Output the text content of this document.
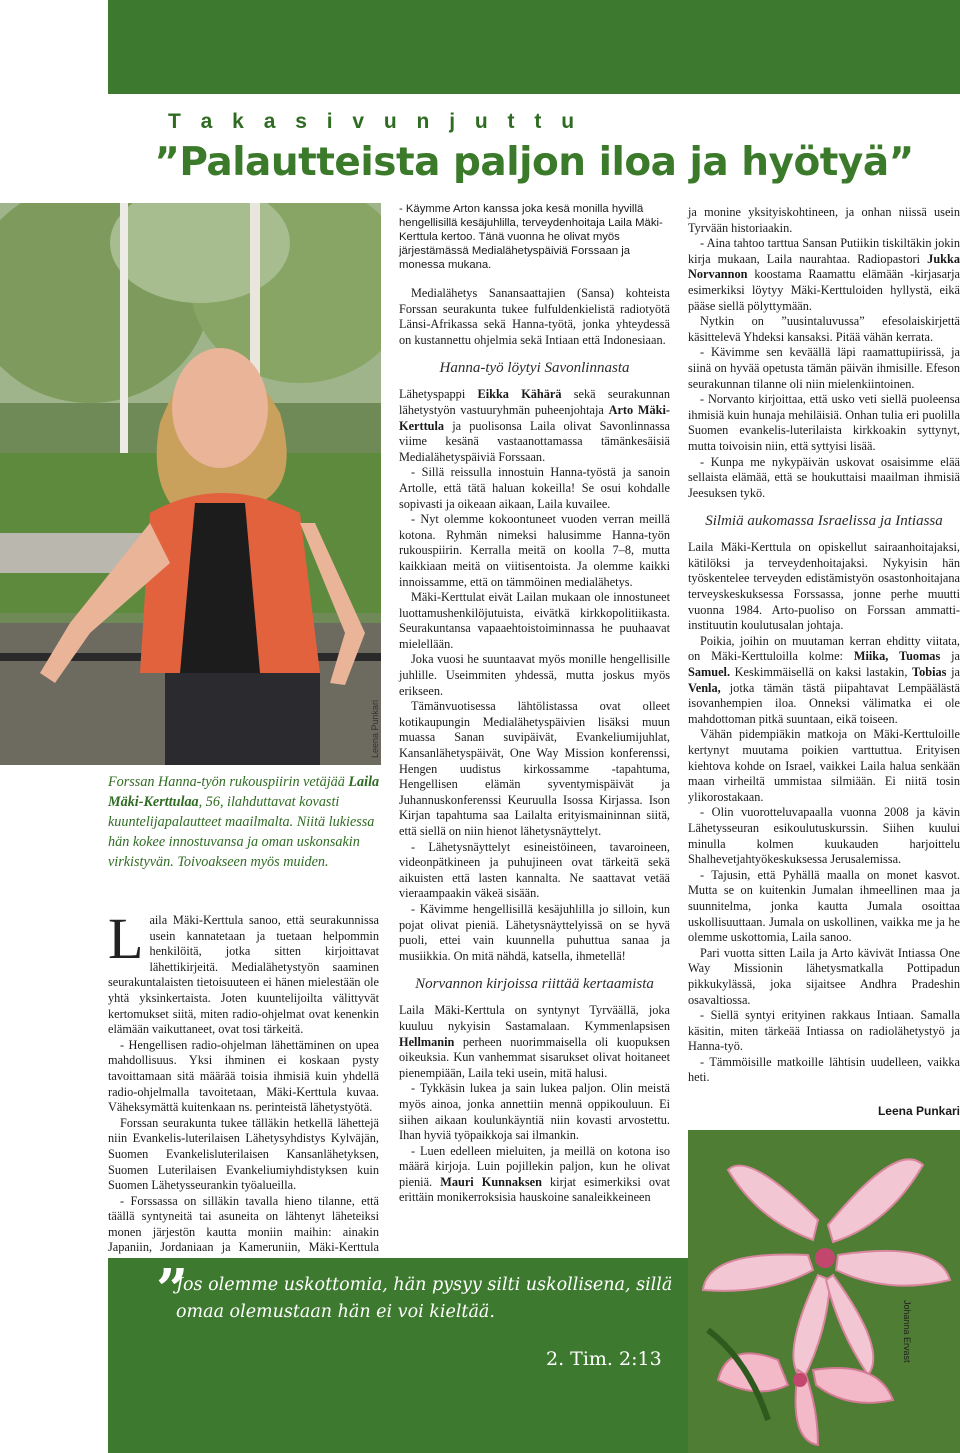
T a k a s i v u n j u t t u
”Palautteista paljon iloa ja hyötyä”
Leena Punkari
Forssan Hanna-työn rukouspiirin vetäjää Laila Mäki-Kerttulaa, 56, ilahduttavat kovasti kuuntelijapalautteet maailmalta. Niitä lukiessa hän kokee innostuvansa ja oman uskonsakin virkistyvän. Toivoakseen myös muiden.

Laila Mäki-Kerttula sanoo, että seurakunnissa usein kannatetaan ja tuetaan helpommin henkilöitä, jotka sitten kirjoittavat lähettikirjeitä. Medialähetystyön saaminen seurakuntalaisten tietoisuuteen ei hänen mielestään ole yhtä yksinkertaista. Joten kuuntelijoilta välittyvät kertomukset siitä, miten radio-ohjelmat ovat kenenkin elämään vaikuttaneet, ovat tosi tärkeitä.

- Hengellisen radio-ohjelman lähettäminen on upea mahdollisuus. Yksi ihminen ei koskaan pysty tavoittamaan sitä määrää toisia ihmisiä kuin yhdellä radio-ohjelmalla tavoitetaan, Mäki-Kerttula kuvaa. Väheksymättä kuitenkaan ns. perinteistä lähetystyötä.

Forssan seurakunta tukee tälläkin hetkellä lähettejä niin Evankelis-luterilaisen Lähetysyhdistys Kylväjän, Suomen Evankelisluterilaisen Kansanlähetyksen, Suomen Luterilaisen Evankeliumiyhdistyksen kuin Suomen Lähetysseurankin työalueilla.

- Forssassa on silläkin tavalla hieno tilanne, että täällä syntyneitä tai asuneita on lähtenyt läheteiksi monen järjestön kautta moniin maihin: ainakin Japaniin, Jordaniaan ja Kameruniin, Mäki-Kerttula

- Käymme Arton kanssa joka kesä monilla hyvillä hengellisillä kesäjuhlilla, terveydenhoitaja Laila Mäki-Kerttula kertoo. Tänä vuonna he olivat myös järjestämässä Medialähetyspäiviä Forssaan ja monessa mukana.

Medialähetys Sanansaattajien (Sansa) kohteista Forssan seurakunta tukee fulfuldenkielistä radiotyötä Länsi-Afrikassa sekä Hanna-työtä, jonka yhteydessä on kustannettu ohjelmia sekä Intiaan että Indonesiaan.

Hanna-työ löytyi Savonlinnasta

Lähetyspappi Eikka Kähärä sekä seurakunnan lähetystyön vastuuryhmän puheenjohtaja Arto Mäki-Kerttula ja puolisonsa Laila olivat Savonlinnassa viime kesänä vastaanottamassa tämänkesäisiä Medialähetyspäiviä Forssaan.

- Sillä reissulla innostuin Hanna-työstä ja sanoin Artolle, että tätä haluan kokeilla! Se osui kohdalle sopivasti ja oikeaan aikaan, Laila kuvailee.

- Nyt olemme kokoontuneet vuoden verran meillä kotona. Ryhmän nimeksi halusimme Hanna-työn rukouspiirin. Kerralla meitä on koolla 7–8, mutta kaikkiaan meitä on viitisentoista. Ja olemme kaikki innoissamme, että on tämmöinen medialähetys.

Mäki-Kerttulat eivät Lailan mukaan ole innostuneet luottamushenkilöjutuista, eivätkä kirkkopolitiikasta. Seurakuntansa vapaaehtoistoiminnassa he puuhaavat mielellään.

Joka vuosi he suuntaavat myös monille hengellisille juhlille. Useimmiten yhdessä, mutta joskus myös erikseen.

Tämänvuotisessa lähtölistassa ovat olleet kotikaupungin Medialähetyspäivien lisäksi muun muassa Sanan suvipäivät, Evankeliumijuhlat, Kansanlähetyspäivät, One Way Mission konferenssi, Hengen uudistus kirkossamme -tapahtuma, Hengellisen elämän syventymispäivät ja Juhannuskonferenssi Keuruulla Isossa Kirjassa. Ison Kirjan tapahtuma saa Lailalta erityismaininnan siitä, että siellä on niin hienot lähetysnäyttelyt.

- Lähetysnäyttelyt esineistöineen, tavaroineen, videonpätkineen ja puhujineen ovat tärkeitä sekä aikuisten että lasten kannalta. Ne saattavat vetää vieraampaakin väkeä sisään.

- Kävimme hengellisillä kesäjuhlilla jo silloin, kun pojat olivat pieniä. Lähetysnäyttelyissä on se hyvä puoli, ettei vain kuunnella puhuttua sanaa ja musiikkia. On mitä nähdä, katsella, ihmetellä!

Norvannon kirjoissa riittää kertaamista

Laila Mäki-Kerttula on syntynyt Tyrväällä, joka kuuluu nykyisin Sastamalaan. Kymmenlapsisen Hellmanin perheen nuorimmaisella oli kuopuksen oikeuksia. Kun vanhemmat sisarukset olivat hoitaneet pienempiään, Laila teki usein, mitä halusi.

- Tykkäsin lukea ja sain lukea paljon. Olin meistä myös ainoa, jonka annettiin mennä oppikouluun. Ei siihen aikaan koulunkäyntiä niin kovasti arvostettu. Ihan hyviä työpaikkoja sai ilmankin.

- Luen edelleen mieluiten, ja meillä on kotona iso määrä kirjoja. Luin pojillekin paljon, kun he olivat pieniä. Mauri Kunnaksen kirjat esimerkiksi ovat erittäin monikerroksisia hauskoine sanaleikkeineen

ja monine yksityiskohtineen, ja onhan niissä usein Tyrvään historiaakin.

- Aina tahtoo tarttua Sansan Putiikin tiskiltäkin jokin kirja mukaan, Laila naurahtaa. Radiopastori Jukka Norvannon koostama Raamattu elämään -kirjasarja esimerkiksi löytyy Mäki-Kerttuloiden hyllystä, eikä pääse siellä pölyttymään.

Nytkin on ”uusintaluvussa” efesolaiskirjettä käsittelevä Yhdeksi kansaksi. Pitää vähän kerrata.

- Kävimme sen keväällä läpi raamattupiirissä, ja siinä on hyvää opetusta tämän päivän ihmisille. Efeson seurakunnan tilanne oli niin mielenkiintoinen.

- Norvanto kirjoittaa, että usko veti siellä puoleensa ihmisiä kuin hunaja mehiläisiä. Onhan tulia eri puolilla Suomen evankelis-luterilaista kirkkoakin syttynyt, mutta toivoisin niin, että syttyisi lisää.

- Kunpa me nykypäivän uskovat osaisimme elää sellaista elämää, että se houkuttaisi maailman ihmisiä Jeesuksen tykö.

Silmiä aukomassa Israelissa ja Intiassa

Laila Mäki-Kerttula on opiskellut sairaanhoitajaksi, kätilöksi ja terveydenhoitajaksi. Nykyisin hän työskentelee terveyden edistämistyön osastonhoitajana terveyskeskuksessa Forssassa, jonne perhe muutti vuonna 1984. Arto-puoliso on Forssan ammatti-instituutin koulutusalan johtaja.

Poikia, joihin on muutaman kerran ehditty viitata, on Mäki-Kerttuloilla kolme: Miika, Tuomas ja Samuel. Keskimmäisellä on kaksi lastakin, Tobias ja Venla, jotka tämän tästä piipahtavat Lempäälästä isovanhempien iloa. Onneksi välimatka ei ole mahdottoman pitkä suuntaan, eikä toiseen.

Vähän pidempiäkin matkoja on Mäki-Kerttuloille kertynyt muutama poikien varttuttua. Erityisen kiehtova kohde on Israel, vaikkei Laila halua senkään maan virheiltä ummistaa silmiään. Ei niitä tosin ylikorostakaan.

- Olin vuorotteluvapaalla vuonna 2008 ja kävin Lähetysseuran esikoulutuskurssin. Siihen kuului minulla kolmen kuukauden harjoittelu Shalhevetjahtyökeskuksessa Jerusalemissa.

- Tajusin, että Pyhällä maalla on monet kasvot. Mutta se on kuitenkin Jumalan ihmeellinen maa ja suunnitelma, jonka kautta Jumala osoittaa uskollisuuttaan. Jumala on uskollinen, vaikka me ja he olemme uskottomia, Laila sanoo.

Pari vuotta sitten Laila ja Arto kävivät Intiassa One Way Missionin lähetysmatkalla Pottipadun pikkukylässä, joka sijaitsee Andhra Pradeshin osavaltiossa.

- Siellä syntyi erityinen rakkaus Intiaan. Samalla käsitin, miten tärkeää Intiassa on radiolähetystyö ja Hanna-työ.

- Tämmöisille matkoille lähtisin uudelleen, vaikka heti.

Leena Punkari

”
Jos olemme uskottomia, hän pysyy silti uskollisena, sillä omaa olemustaan hän ei voi kieltää.
2. Tim. 2:13	Johanna Ervast
